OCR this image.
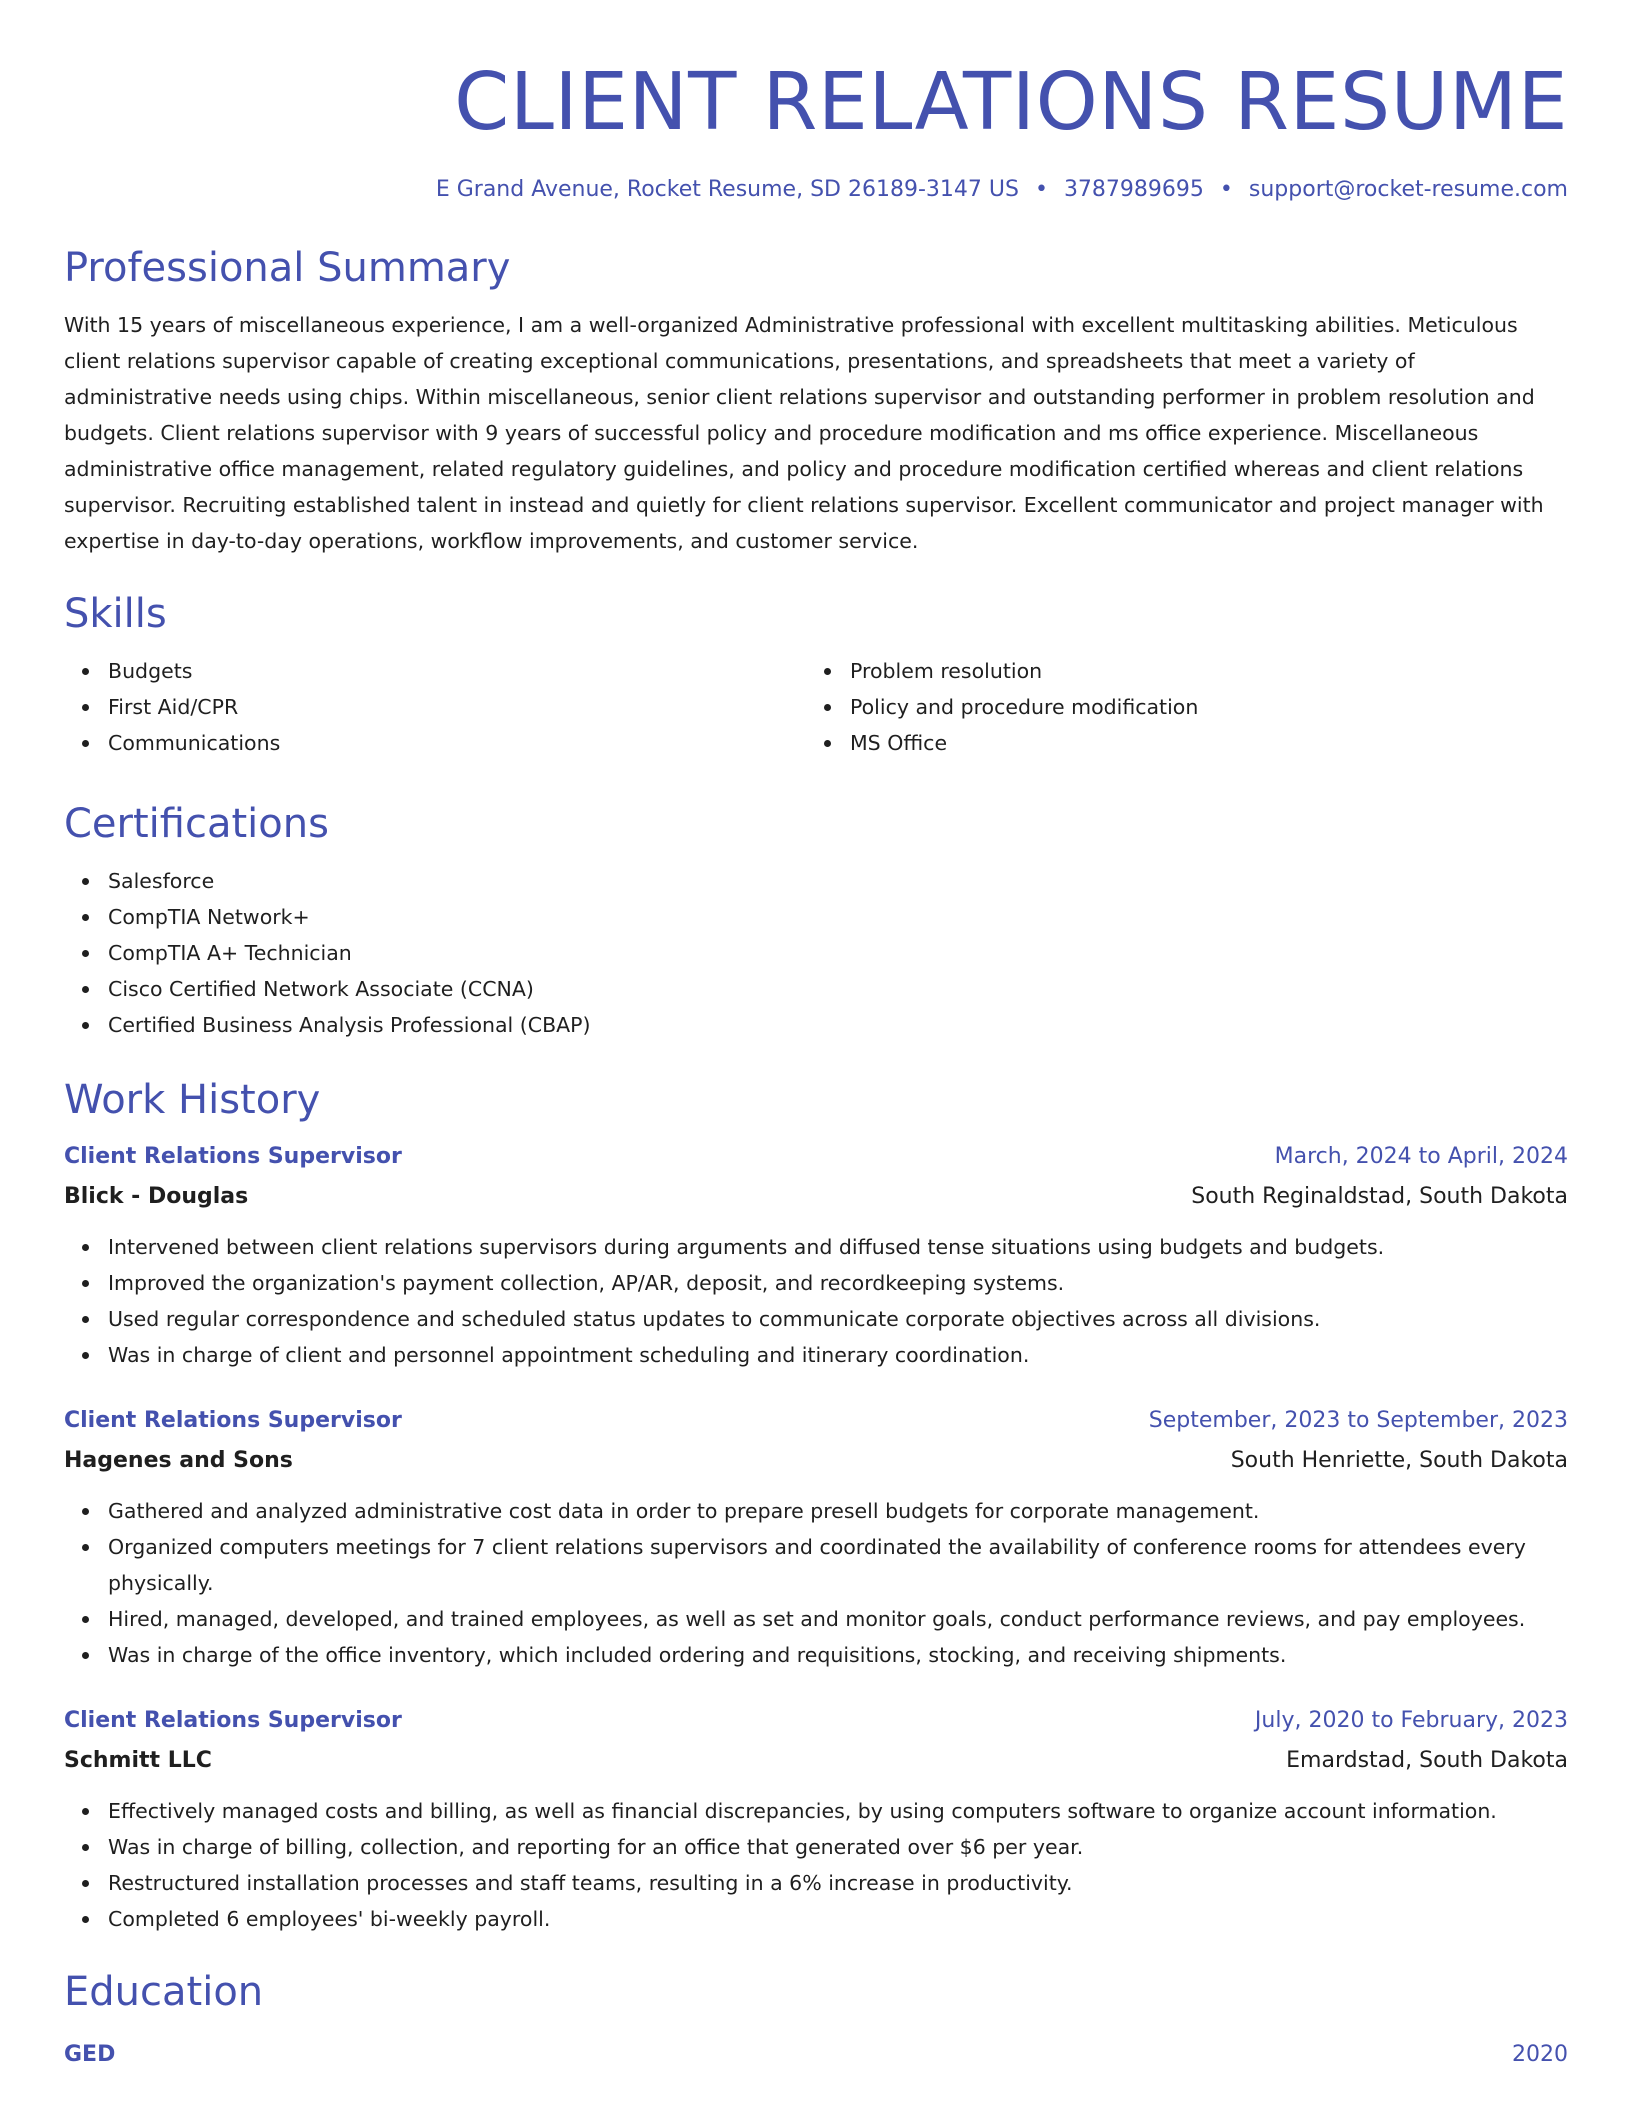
CLIENT RELATIONS RESUME
E Grand Avenue, Rocket Resume, SD 26189-3147 US • 3787989695 • support@rocket-resume.com
Professional Summary
With 15 years of miscellaneous experience, I am a well-organized Administrative professional with excellent multitasking abilities. Meticulous client relations supervisor capable of creating exceptional communications, presentations, and spreadsheets that meet a variety of administrative needs using chips. Within miscellaneous, senior client relations supervisor and outstanding performer in problem resolution and budgets. Client relations supervisor with 9 years of successful policy and procedure modification and ms office experience. Miscellaneous administrative office management, related regulatory guidelines, and policy and procedure modification certified whereas and client relations supervisor. Recruiting established talent in instead and quietly for client relations supervisor. Excellent communicator and project manager with expertise in day-to-day operations, workflow improvements, and customer service.
Skills
Budgets
First Aid/CPR
Communications
Problem resolution
Policy and procedure modification
MS Office
Certifications
Salesforce
CompTIA Network+
CompTIA A+ Technician
Cisco Certified Network Associate (CCNA)
Certified Business Analysis Professional (CBAP)
Work History
Client Relations Supervisor	March, 2024 to April, 2024
Blick - Douglas	South Reginaldstad, South Dakota
Intervened between client relations supervisors during arguments and diffused tense situations using budgets and budgets.
Improved the organization's payment collection, AP/AR, deposit, and recordkeeping systems.
Used regular correspondence and scheduled status updates to communicate corporate objectives across all divisions.
Was in charge of client and personnel appointment scheduling and itinerary coordination.
Client Relations Supervisor	September, 2023 to September, 2023
Hagenes and Sons	South Henriette, South Dakota
Gathered and analyzed administrative cost data in order to prepare presell budgets for corporate management.
Organized computers meetings for 7 client relations supervisors and coordinated the availability of conference rooms for attendees every physically.
Hired, managed, developed, and trained employees, as well as set and monitor goals, conduct performance reviews, and pay employees.
Was in charge of the office inventory, which included ordering and requisitions, stocking, and receiving shipments.
Client Relations Supervisor	July, 2020 to February, 2023
Schmitt LLC	Emardstad, South Dakota
Effectively managed costs and billing, as well as financial discrepancies, by using computers software to organize account information.
Was in charge of billing, collection, and reporting for an office that generated over $6 per year.
Restructured installation processes and staff teams, resulting in a 6% increase in productivity.
Completed 6 employees' bi-weekly payroll.
Education
GED	2020
